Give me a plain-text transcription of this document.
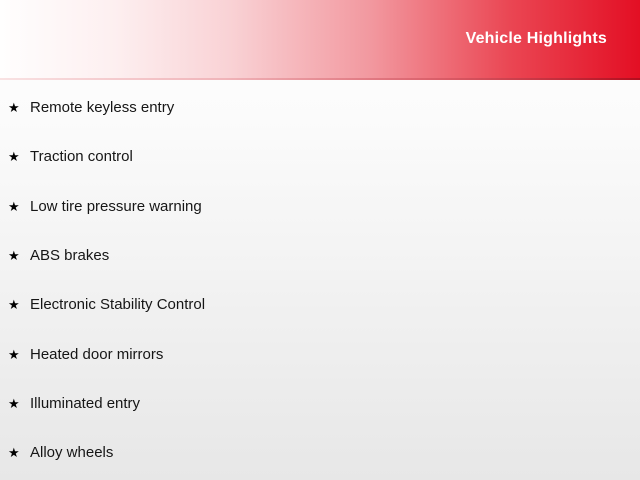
Vehicle Highlights
★ Remote keyless entry
★ Traction control
★ Low tire pressure warning
★ ABS brakes
★ Electronic Stability Control
★ Heated door mirrors
★ Illuminated entry
★ Alloy wheels
